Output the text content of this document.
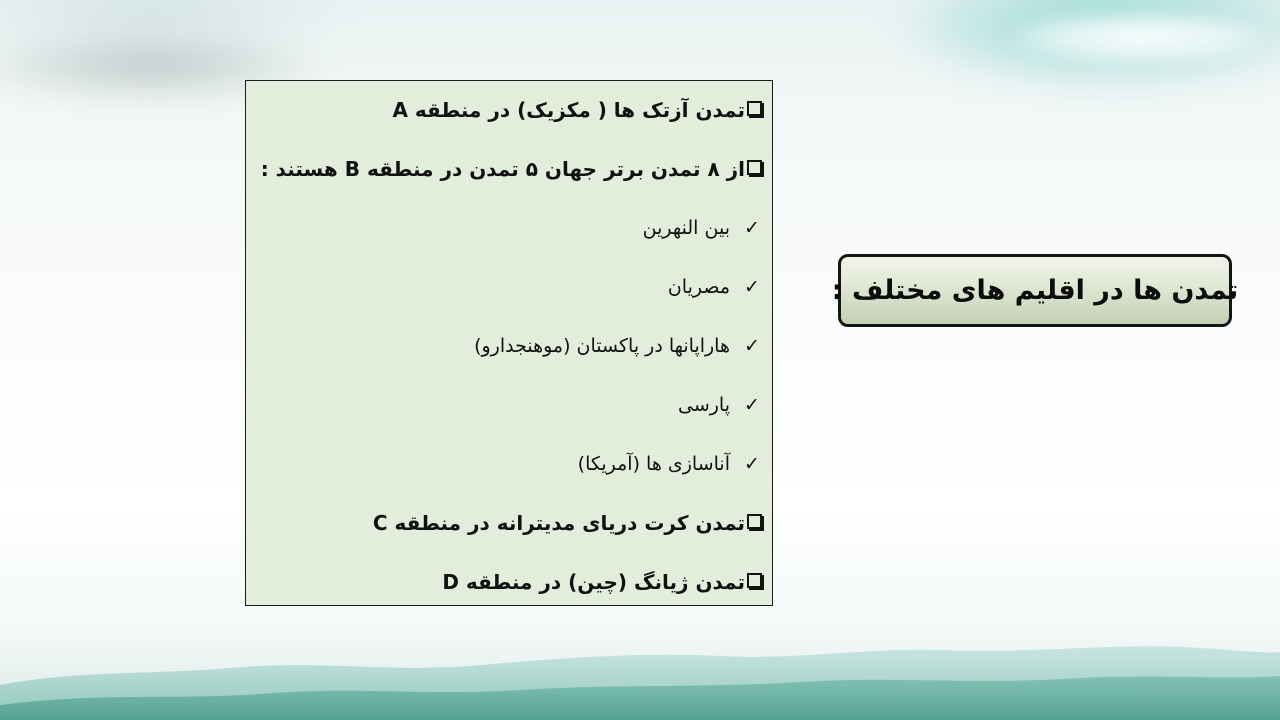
تمدن آزتک ها ( مکزیک) در منطقه A
از ۸ تمدن برتر جهان ۵ تمدن در منطقه B هستند :
✓
بین النهرین
✓
مصریان
✓
هاراپانها در پاکستان (موهنجدارو)
✓
پارسی
✓
آناسازی ها (آمریکا)
تمدن کرت دریای مدیترانه در منطقه C
تمدن ژیانگ (چین) در منطقه D
تمدن ها در اقلیم های مختلف :
